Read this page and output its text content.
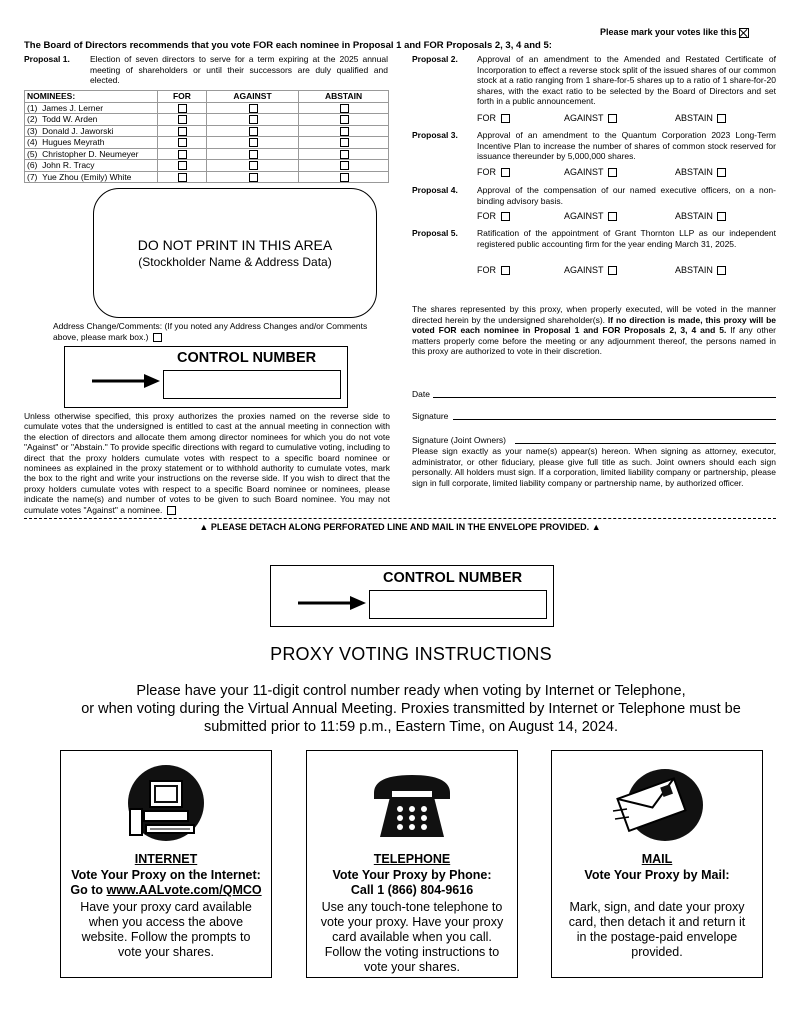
Please mark your votes like this
The Board of Directors recommends that you vote FOR each nominee in Proposal 1 and FOR Proposals 2, 3, 4 and 5:
Proposal 1. Election of seven directors to serve for a term expiring at the 2025 annual meeting of shareholders or until their successors are duly qualified and elected.
NOMINEES:	FOR	AGAINST	ABSTAIN
(1) James J. Lerner			
(2) Todd W. Arden			
(3) Donald J. Jaworski			
(4) Hugues Meyrath			
(5) Christopher D. Neumeyer			
(6) John R. Tracy			
(7) Yue Zhou (Emily) White			
DO NOT PRINT IN THIS AREA
(Stockholder Name & Address Data)
Address Change/Comments: (If you noted any Address Changes and/or Comments above, please mark box.)
CONTROL NUMBER
Unless otherwise specified, this proxy authorizes the proxies named on the reverse side to cumulate votes that the undersigned is entitled to cast at the annual meeting in connection with the election of directors and allocate them among director nominees for which you do not vote "Against" or "Abstain." To provide specific directions with regard to cumulative voting, including to direct that the proxy holders cumulate votes with respect to a specific board nominee or nominees as explained in the proxy statement or to withhold authority to cumulate votes, mark the box to the right and write your instructions on the reverse side. If you wish to direct that the proxy holders cumulate votes with respect to a specific Board nominee or nominees, please indicate the name(s) and number of votes to be given to such Board nominee. You may not cumulate votes "Against" a nominee.
Proposal 2. Approval of an amendment to the Amended and Restated Certificate of Incorporation to effect a reverse stock split of the issued shares of our common stock at a ratio ranging from 1 share-for-5 shares up to a ratio of 1 share-for-20 shares, with the exact ratio to be selected by the Board of Directors and set forth in a public announcement.
FOR	AGAINST	ABSTAIN
Proposal 3. Approval of an amendment to the Quantum Corporation 2023 Long-Term Incentive Plan to increase the number of shares of common stock reserved for issuance thereunder by 5,000,000 shares.
FOR	AGAINST	ABSTAIN
Proposal 4. Approval of the compensation of our named executive officers, on a non-binding advisory basis.
FOR	AGAINST	ABSTAIN
Proposal 5. Ratification of the appointment of Grant Thornton LLP as our independent registered public accounting firm for the year ending March 31, 2025.
FOR	AGAINST	ABSTAIN
The shares represented by this proxy, when properly executed, will be voted in the manner directed herein by the undersigned shareholder(s). If no direction is made, this proxy will be voted FOR each nominee in Proposal 1 and FOR Proposals 2, 3, 4 and 5. If any other matters properly come before the meeting or any adjournment thereof, the persons named in this proxy are authorized to vote in their discretion.
Date
Signature
Signature (Joint Owners)
Please sign exactly as your name(s) appear(s) hereon. When signing as attorney, executor, administrator, or other fiduciary, please give full title as such. Joint owners should each sign personally. All holders must sign. If a corporation, limited liability company or partnership, please sign in full corporate, limited liability company or partnership name, by authorized officer.
▲ PLEASE DETACH ALONG PERFORATED LINE AND MAIL IN THE ENVELOPE PROVIDED. ▲
CONTROL NUMBER
PROXY VOTING INSTRUCTIONS
Please have your 11-digit control number ready when voting by Internet or Telephone,
or when voting during the Virtual Annual Meeting. Proxies transmitted by Internet or Telephone must be
submitted prior to 11:59 p.m., Eastern Time, on August 14, 2024.
INTERNET
Vote Your Proxy on the Internet:
Go to www.AALvote.com/QMCO
Have your proxy card available when you access the above website. Follow the prompts to vote your shares.
TELEPHONE
Vote Your Proxy by Phone:
Call 1 (866) 804-9616
Use any touch-tone telephone to vote your proxy. Have your proxy card available when you call. Follow the voting instructions to vote your shares.
MAIL
Vote Your Proxy by Mail:
Mark, sign, and date your proxy card, then detach it and return it in the postage-paid envelope provided.
